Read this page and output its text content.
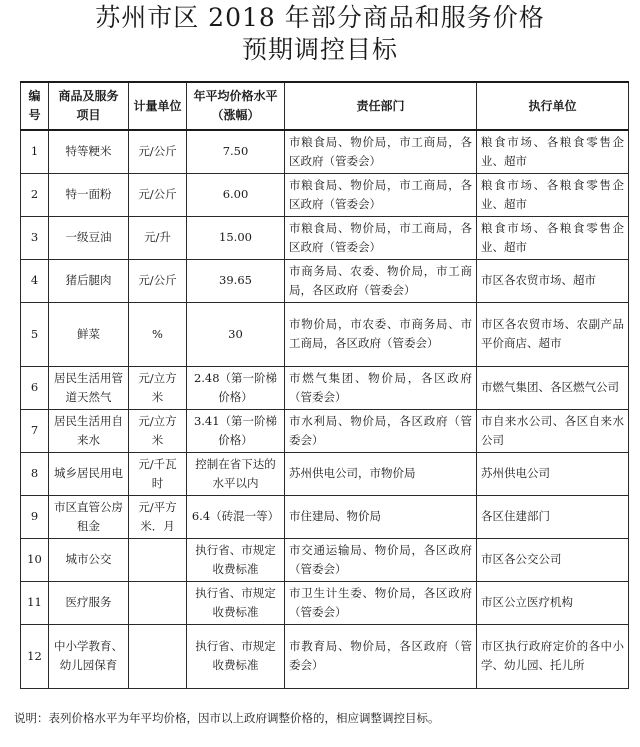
苏州市区 2018 年部分商品和服务价格
预期调控目标
编号	商品及服务项目	计量单位	年平均价格水平（涨幅）	责任部门	执行单位
1	特等粳米	元/公斤	7.50	市粮食局、物价局，市工商局，各区政府（管委会）	粮食市场、各粮食零售企业、超市
2	特一面粉	元/公斤	6.00	市粮食局、物价局，市工商局，各区政府（管委会）	粮食市场、各粮食零售企业、超市
3	一级豆油	元/升	15.00	市粮食局、物价局，市工商局，各区政府（管委会）	粮食市场、各粮食零售企业、超市
4	猪后腿肉	元/公斤	39.65	市商务局、农委、物价局，市工商局，各区政府（管委会）	市区各农贸市场、超市
5	鲜菜	%	30	市物价局，市农委、市商务局、市工商局，各区政府（管委会）	市区各农贸市场、农副产品平价商店、超市
6	居民生活用管道天然气	元/立方米	2.48（第一阶梯价格）	市燃气集团、物价局，各区政府（管委会）	市燃气集团、各区燃气公司
7	居民生活用自来水	元/立方米	3.41（第一阶梯价格）	市水利局、物价局，各区政府（管委会）	市自来水公司、各区自来水公司
8	城乡居民用电	元/千瓦时	控制在省下达的水平以内	苏州供电公司，市物价局	苏州供电公司
9	市区直管公房租金	元/平方米．月	6.4（砖混一等）	市住建局、物价局	各区住建部门
10	城市公交		执行省、市规定收费标准	市交通运输局、物价局，各区政府（管委会）	市区各公交公司
11	医疗服务		执行省、市规定收费标准	市卫生计生委、物价局，各区政府（管委会）	市区公立医疗机构
12	中小学教育、幼儿园保育		执行省、市规定收费标准	市教育局、物价局，各区政府（管委会）	市区执行政府定价的各中小学、幼儿园、托儿所
说明：表列价格水平为年平均价格，因市以上政府调整价格的，相应调整调控目标。
